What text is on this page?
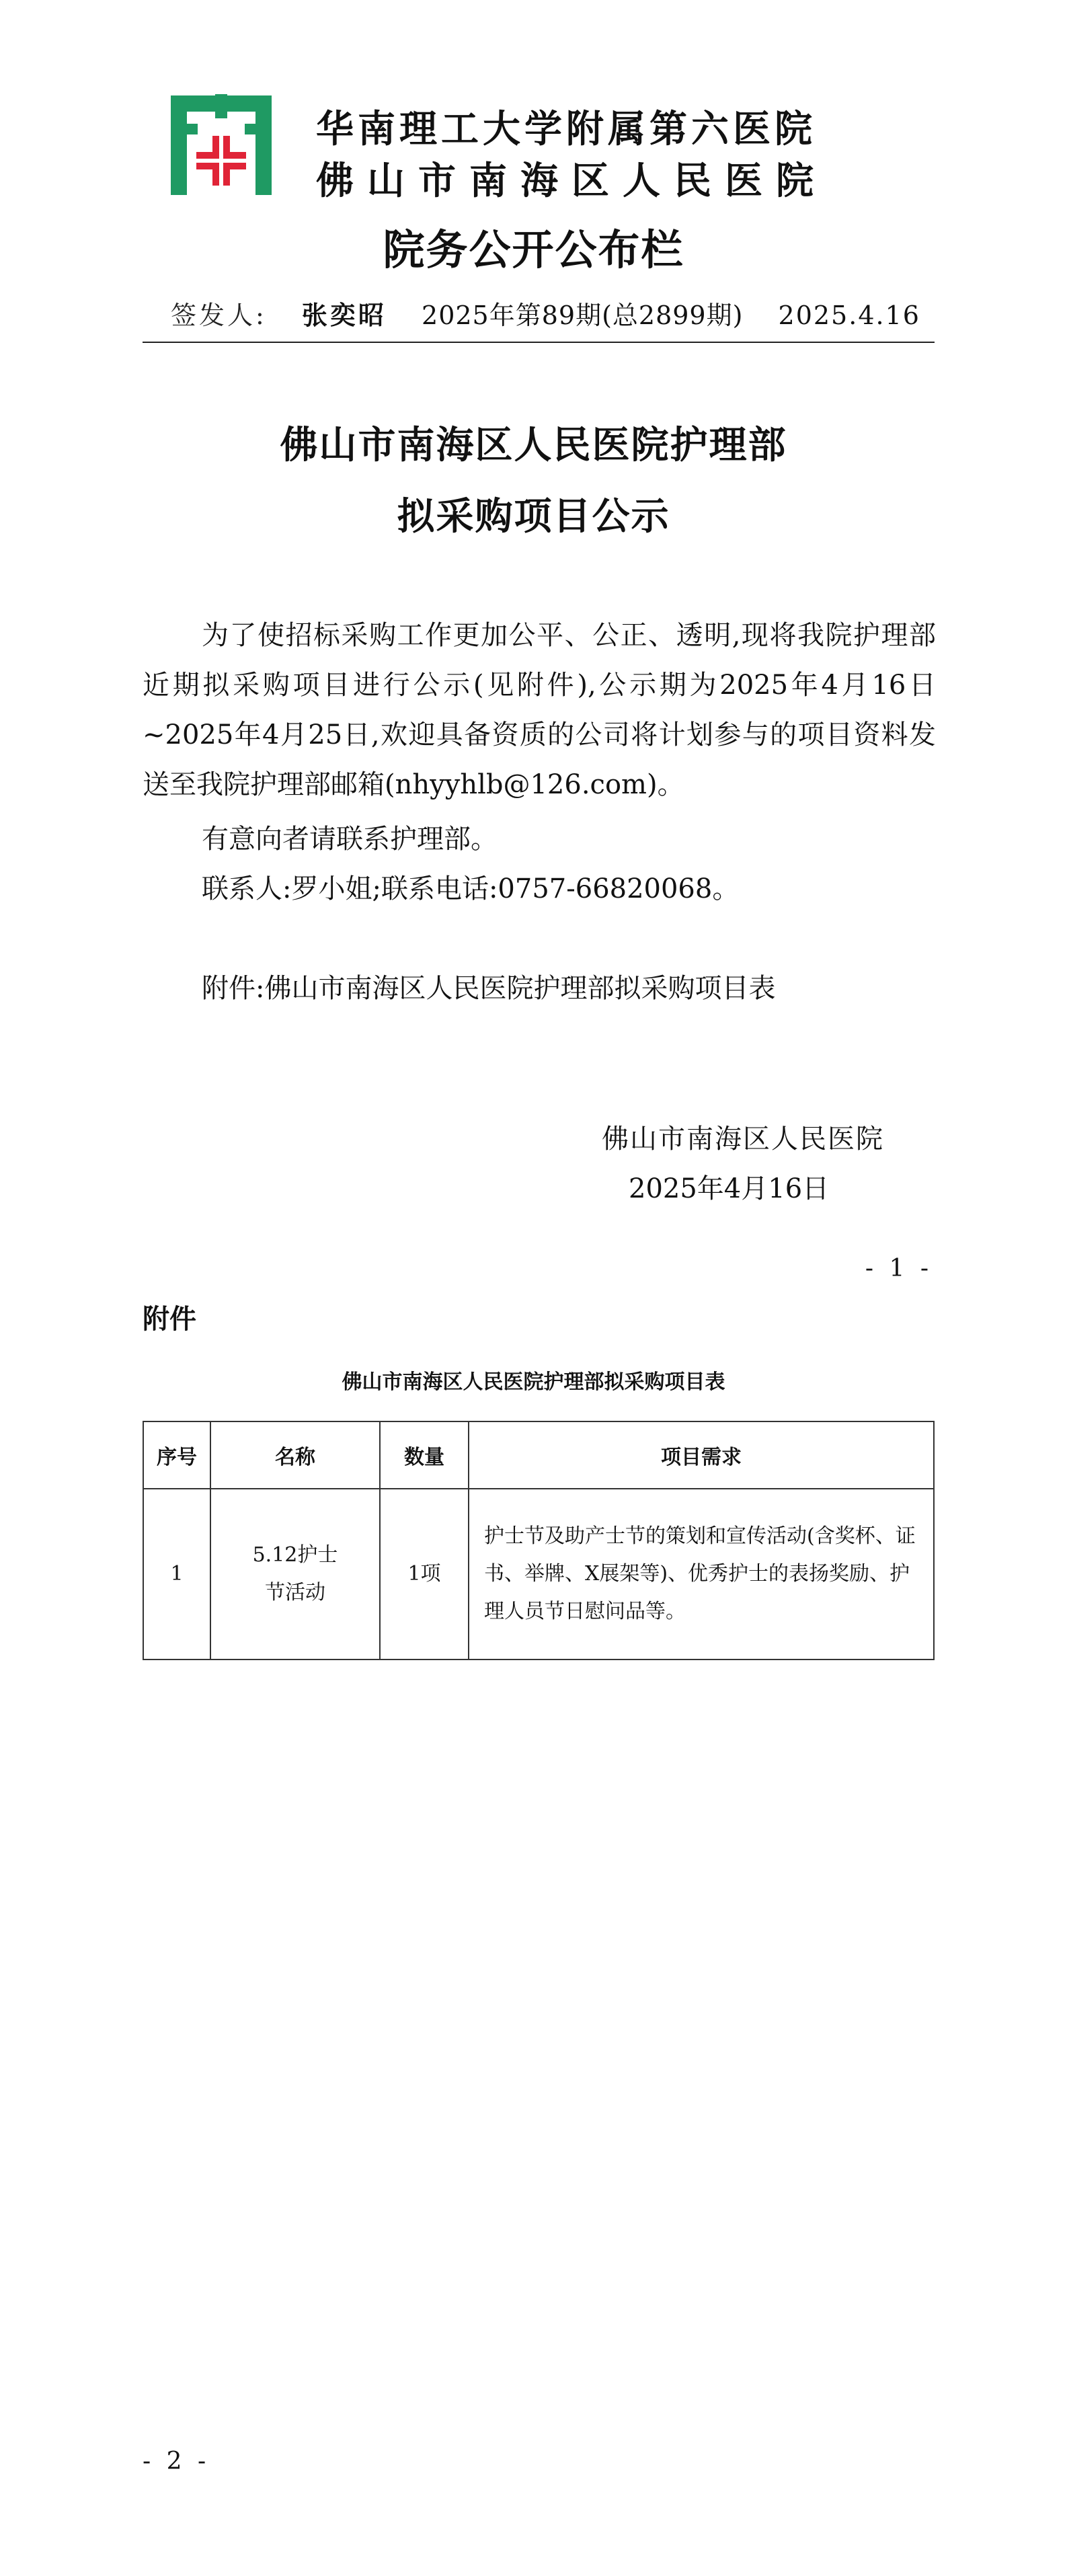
华南理工大学附属第六医院
佛山市南海区人民医院
院务公开公布栏
签发人: 张奕昭 2025年第89期(总2899期) 2025.4.16
佛山市南海区人民医院护理部
拟采购项目公示
为了使招标采购工作更加公平、公正、透明,现将我院护理部近期拟采购项目进行公示(见附件),公示期为2025年4月16日~2025年4月25日,欢迎具备资质的公司将计划参与的项目资料发送至我院护理部邮箱(nhyyhlb@126.com)。
有意向者请联系护理部。
联系人:罗小姐;联系电话:0757-66820068。
附件:佛山市南海区人民医院护理部拟采购项目表
佛山市南海区人民医院
2025年4月16日
- 1 -
附件
佛山市南海区人民医院护理部拟采购项目表
序号	名称	数量	项目需求
1	5.12护士节活动	1项	护士节及助产士节的策划和宣传活动(含奖杯、证书、举牌、X展架等)、优秀护士的表扬奖励、护理人员节日慰问品等。
- 2 -
